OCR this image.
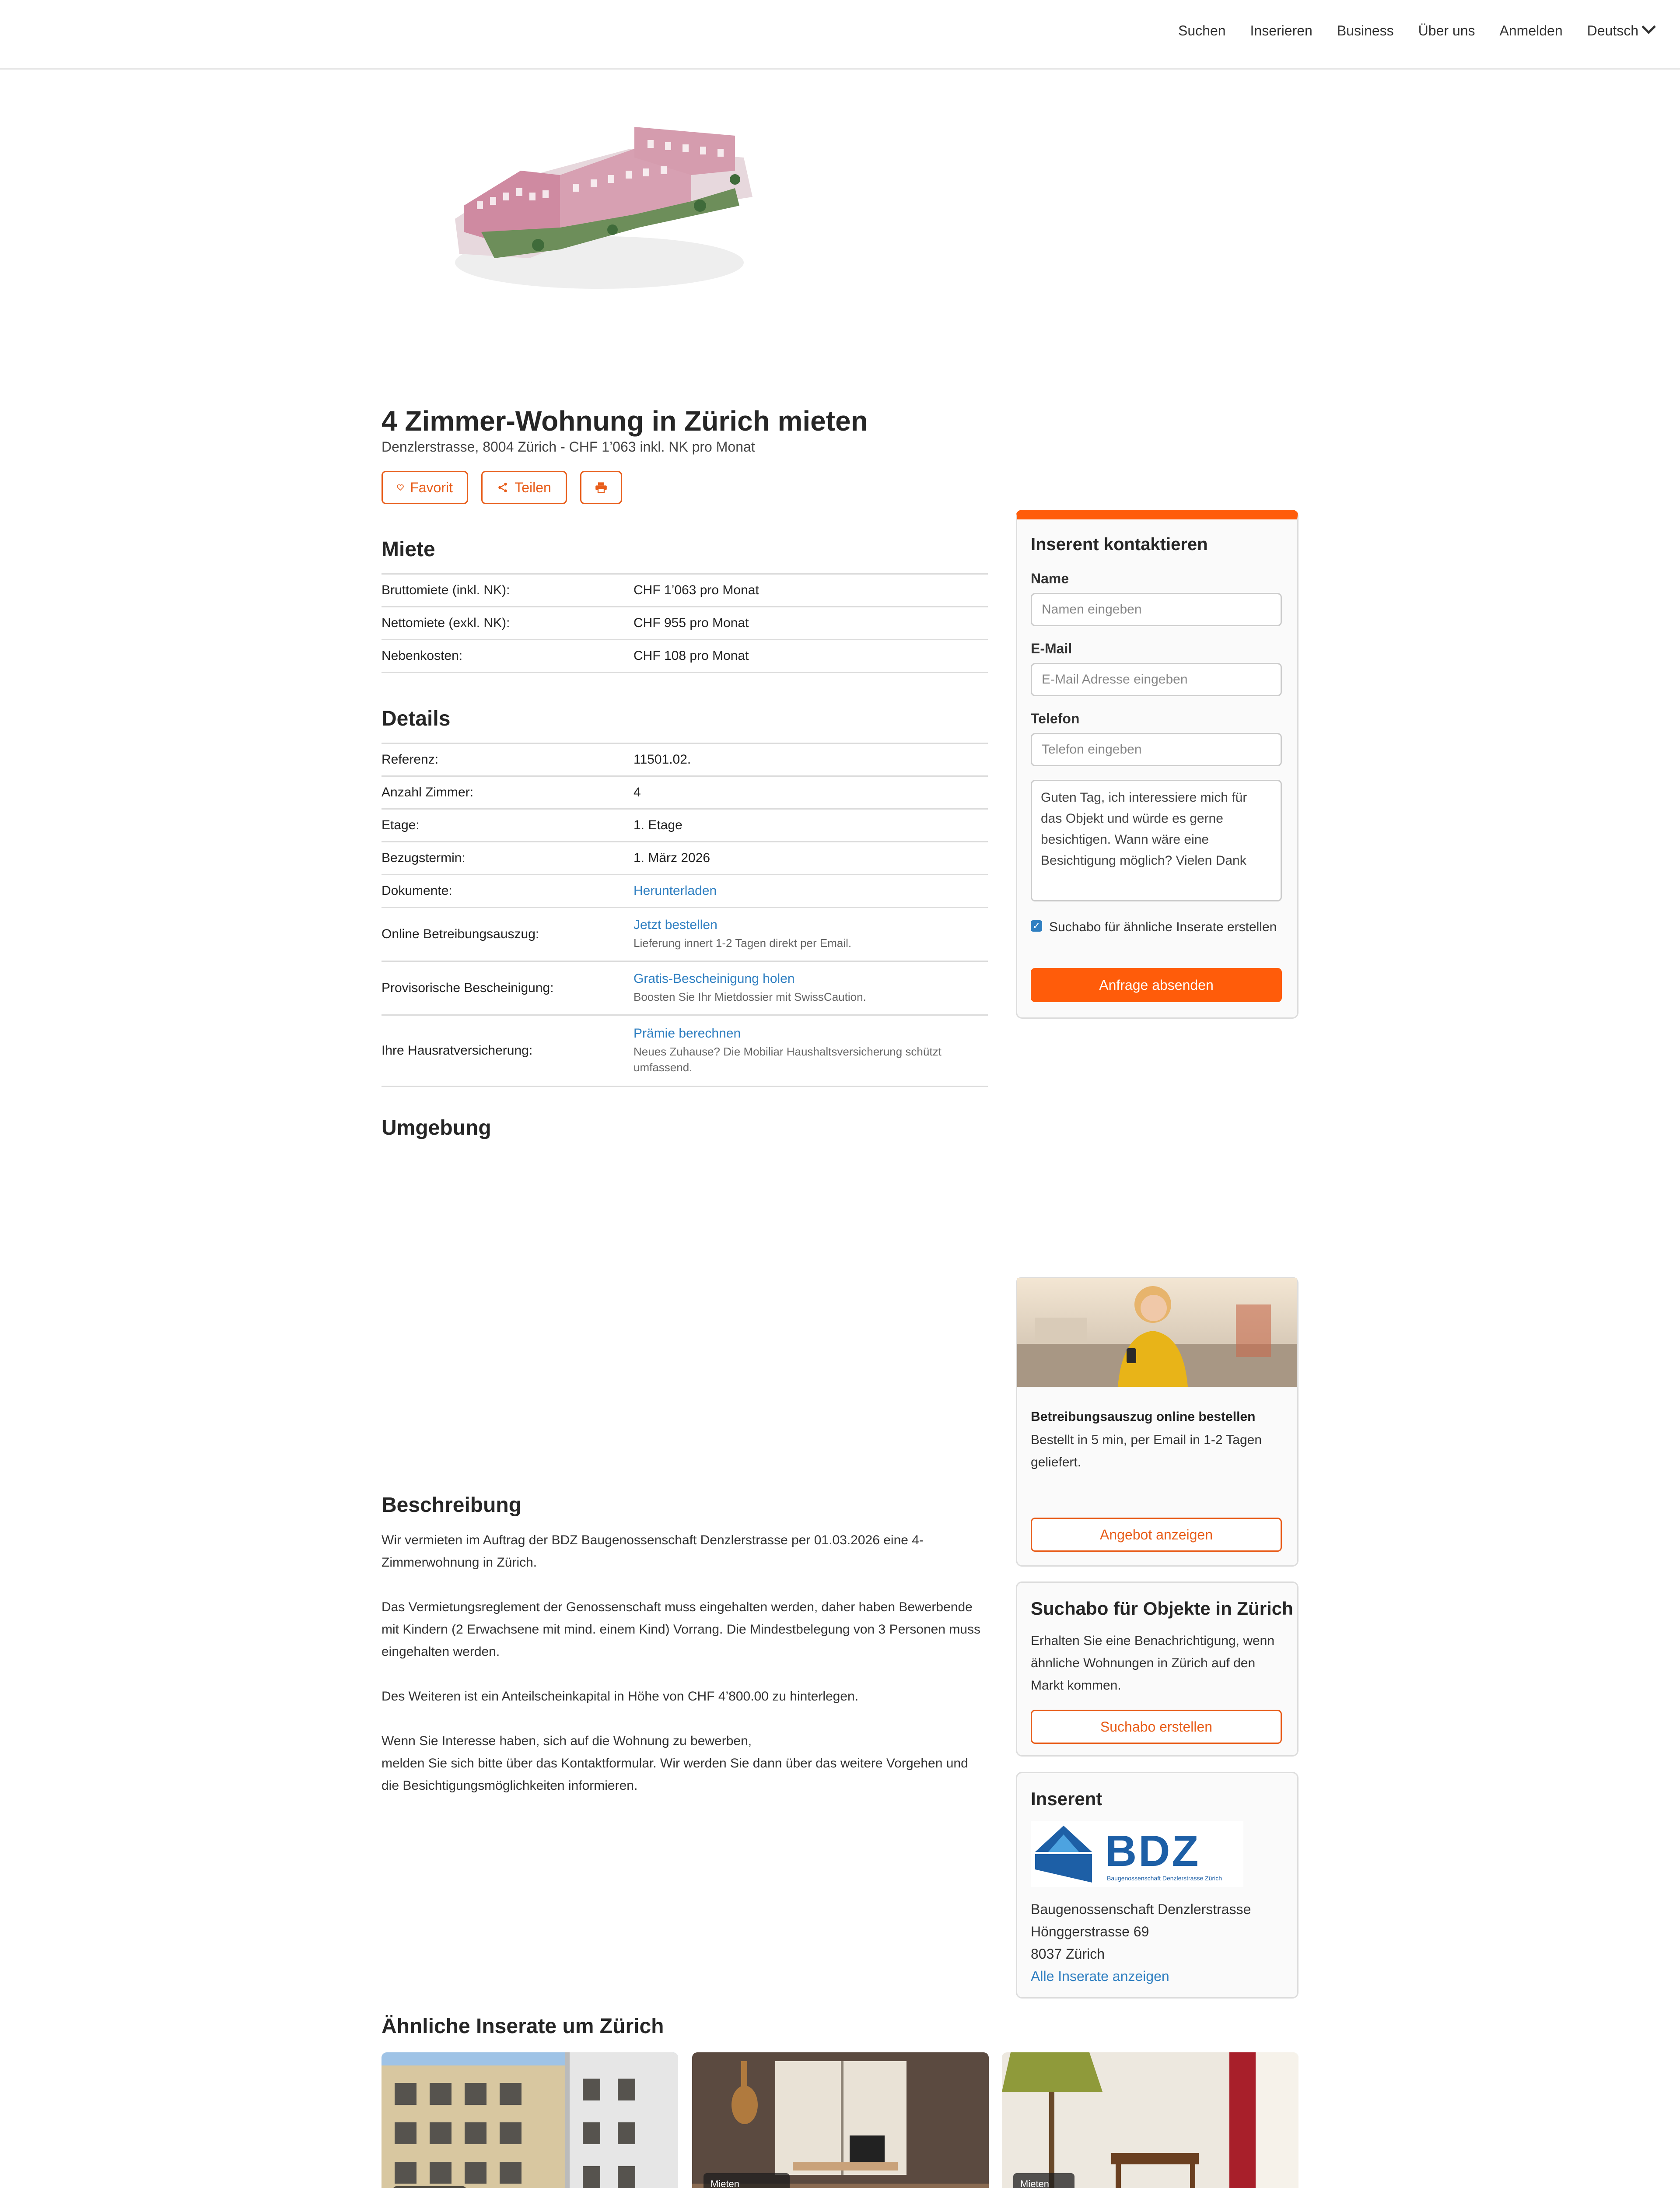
Suchen Inserieren Business Über uns Anmelden Deutsch
4 Zimmer-Wohnung in Zürich mieten
Denzlerstrasse, 8004 Zürich - CHF 1’063 inkl. NK pro Monat
Favorit	Teilen
Miete
Bruttomiete (inkl. NK):	CHF 1’063 pro Monat
Nettomiete (exkl. NK):	CHF 955 pro Monat
Nebenkosten:	CHF 108 pro Monat
Details
Referenz:	11501.02.
Anzahl Zimmer:	4
Etage:	1. Etage
Bezugstermin:	1. März 2026
Dokumente:	Herunterladen
Online Betreibungsauszug:	Jetzt bestellen
Lieferung innert 1-2 Tagen direkt per Email.

Provisorische Bescheinigung:	Gratis-Bescheinigung holen
Boosten Sie Ihr Mietdossier mit SwissCaution.

Ihre Hausratversicherung:	Prämie berechnen
Neues Zuhause? Die Mobiliar Haushaltsversicherung schützt umfassend.
Umgebung
Beschreibung

Wir vermieten im Auftrag der BDZ Baugenossenschaft Denzlerstrasse per 01.03.2026 eine 4-Zimmerwohnung in Zürich.

Das Vermietungsreglement der Genossenschaft muss eingehalten werden, daher haben Bewerbende mit Kindern (2 Erwachsene mit mind. einem Kind) Vorrang. Die Mindestbelegung von 3 Personen muss eingehalten werden.

Des Weiteren ist ein Anteilscheinkapital in Höhe von CHF 4’800.00 zu hinterlegen.

Wenn Sie Interesse haben, sich auf die Wohnung zu bewerben,
melden Sie sich bitte über das Kontaktformular. Wir werden Sie dann über das weitere Vorgehen und die Besichtigungsmöglichkeiten informieren.
Inserent kontaktieren
Name
Namen eingeben
E-Mail
E-Mail Adresse eingeben
Telefon
Telefon eingeben
Guten Tag, ich interessiere mich für das Objekt und würde es gerne besichtigen. Wann wäre eine Besichtigung möglich? Vielen Dank
✓ Suchabo für ähnliche Inserate erstellen
Anfrage absenden
Betreibungsauszug online bestellen
Bestellt in 5 min, per Email in 1-2 Tagen geliefert.
Angebot anzeigen
Suchabo für Objekte in Zürich
Erhalten Sie eine Benachrichtigung, wenn ähnliche Wohnungen in Zürich auf den Markt kommen.
Suchabo erstellen
Inserent
BDZ
Baugenossenschaft Denzlerstrasse Zürich
Baugenossenschaft Denzlerstrasse
Hönggerstrasse 69
8037 Zürich
Alle Inserate anzeigen
Ähnliche Inserate um Zürich
Mieten	Mieten
